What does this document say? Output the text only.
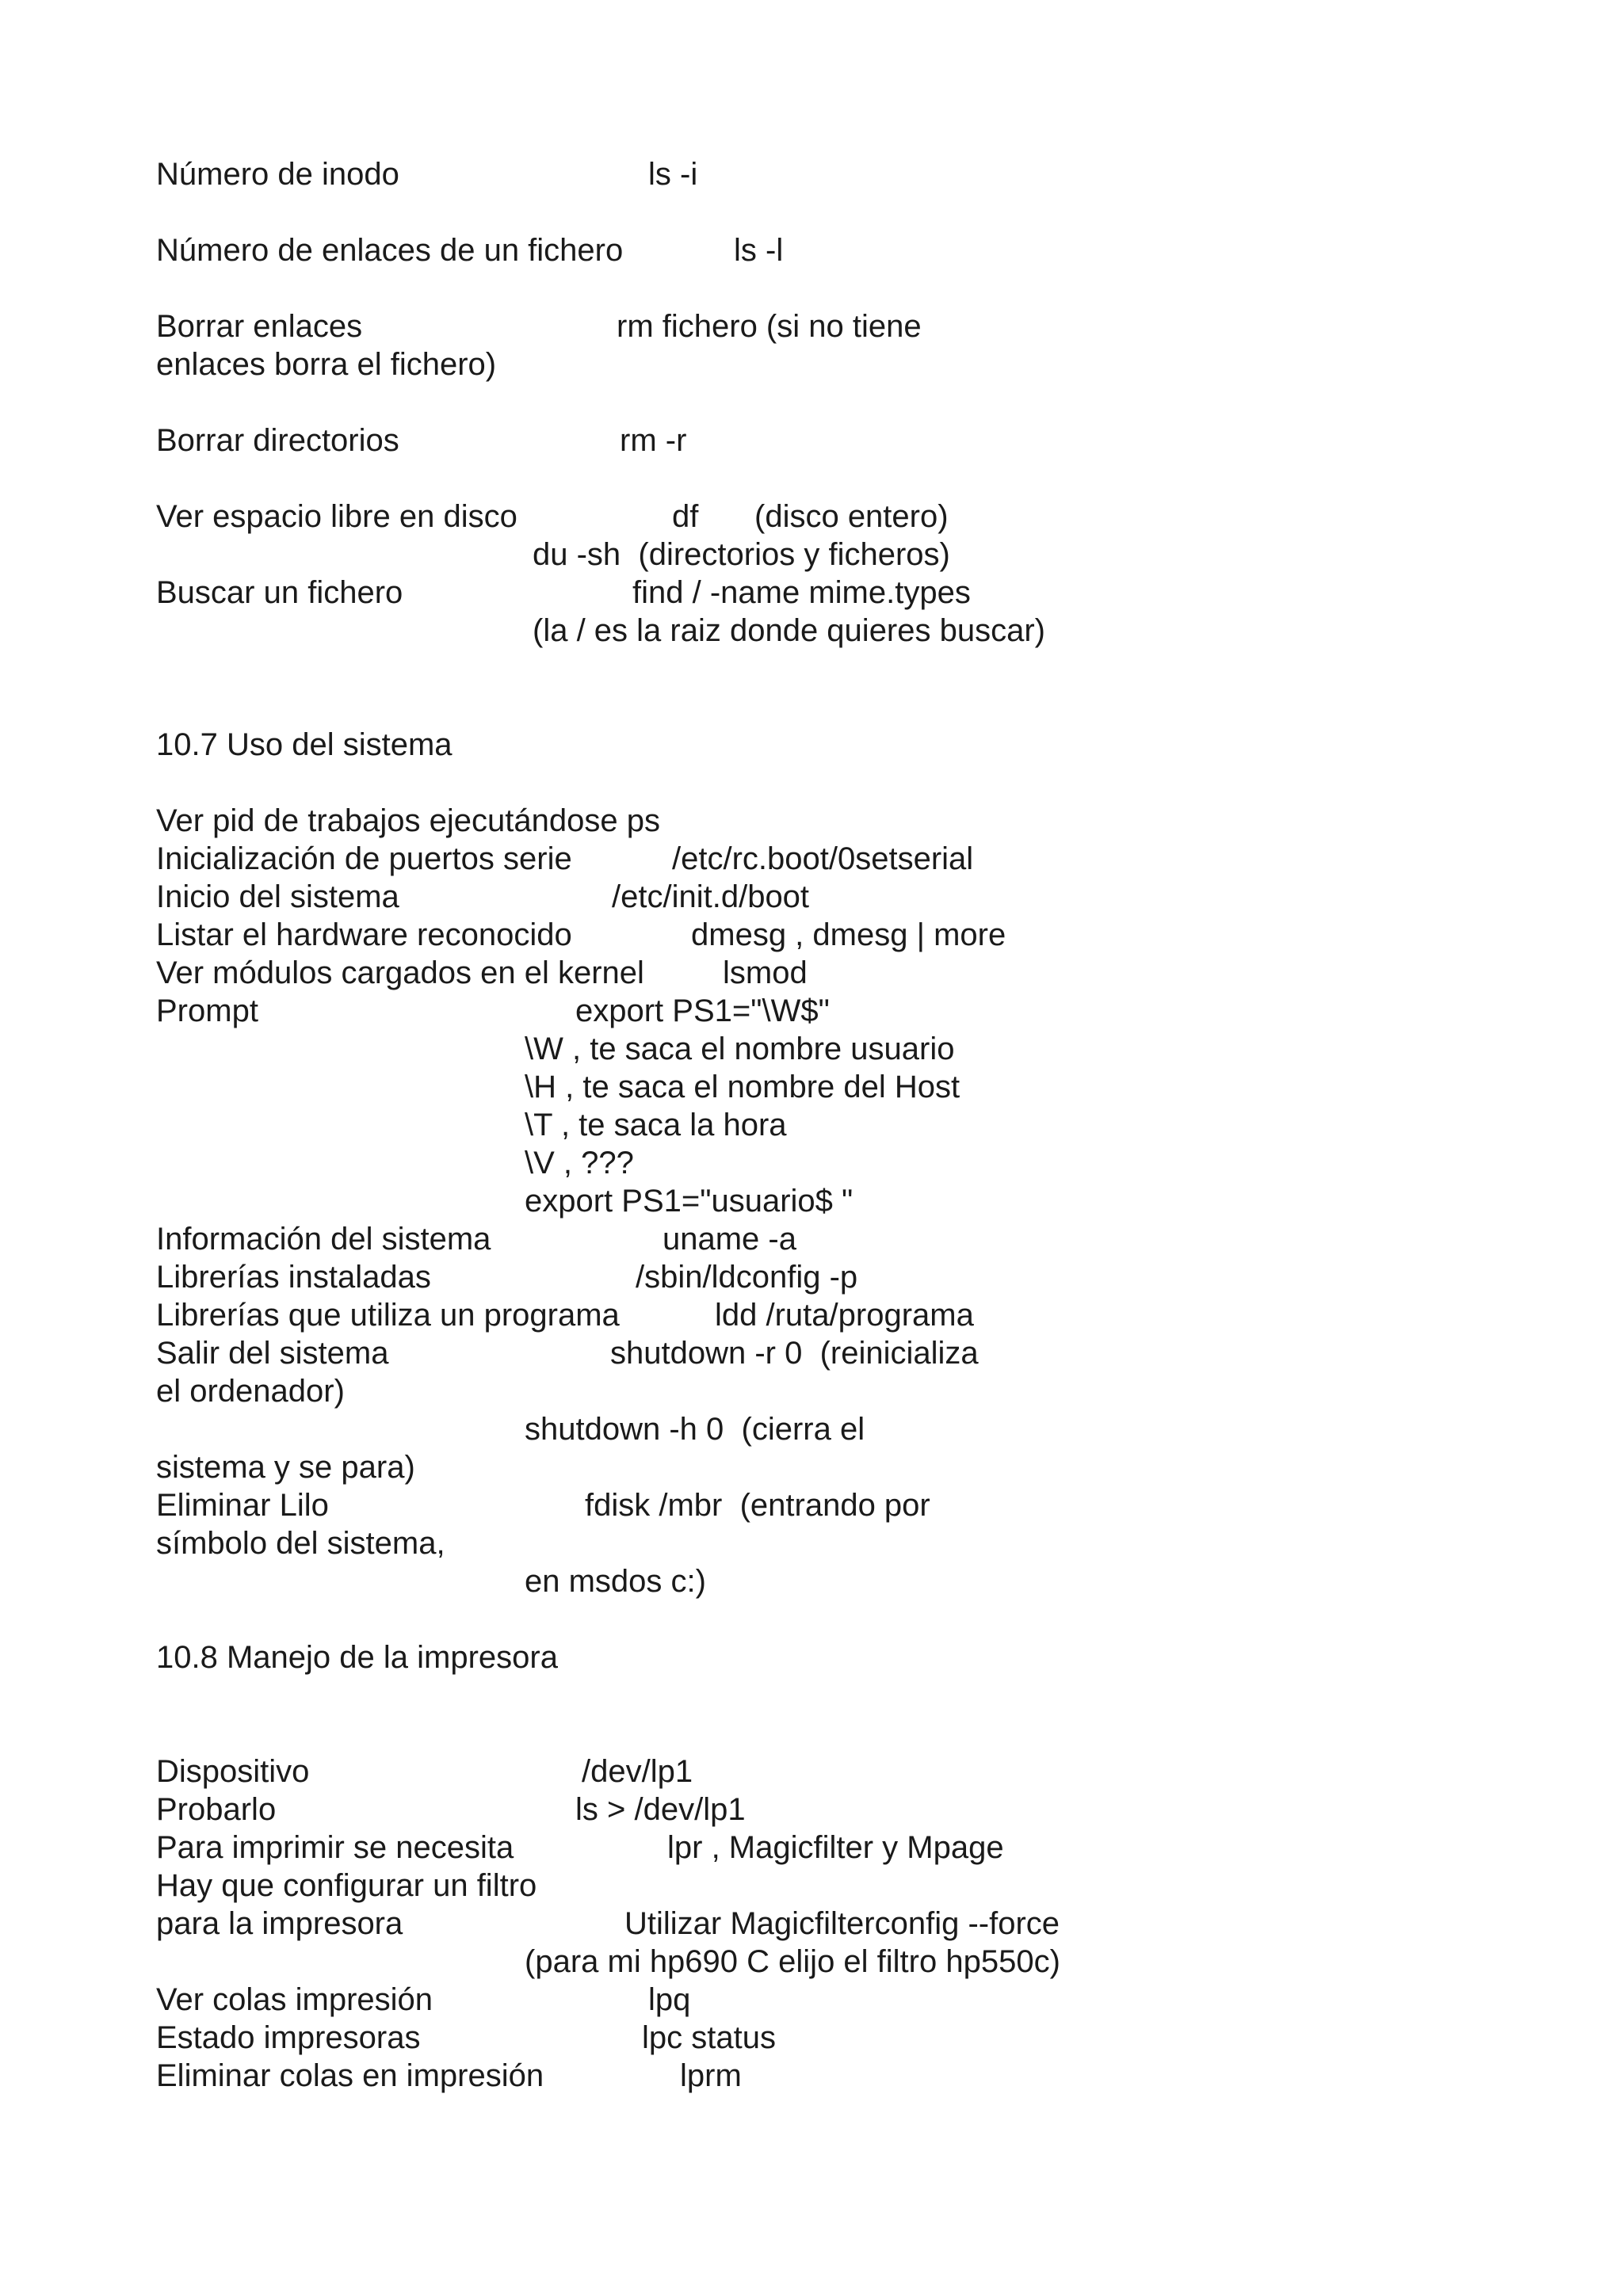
Número de inodo	ls -i
Número de enlaces de un fichero	ls -l
Borrar enlaces	rm fichero (si no tiene
enlaces borra el fichero)
Borrar directorios	rm -r
Ver espacio libre en disco	df (disco entero)
du -sh  (directorios y ficheros)
Buscar un fichero	find / -name mime.types
(la / es la raiz donde quieres buscar)
10.7 Uso del sistema
Ver pid de trabajos ejecutándose ps
Inicialización de puertos serie	/etc/rc.boot/0setserial
Inicio del sistema	/etc/init.d/boot
Listar el hardware reconocido	dmesg , dmesg | more
Ver módulos cargados en el kernel lsmod
Prompt	export PS1="\W$"
\W , te saca el nombre usuario
\H , te saca el nombre del Host
\T , te saca la hora
\V , ???
export PS1="usuario$ "
Información del sistema	uname -a
Librerías instaladas	/sbin/ldconfig -p
Librerías que utiliza un programa	ldd /ruta/programa
Salir del sistema	shutdown -r 0  (reinicializa
el ordenador)
shutdown -h 0  (cierra el
sistema y se para)
Eliminar Lilo	fdisk /mbr  (entrando por
símbolo del sistema,
en msdos c:)
10.8 Manejo de la impresora
Dispositivo	/dev/lp1
Probarlo	ls > /dev/lp1
Para imprimir se necesita	lpr , Magicfilter y Mpage
Hay que configurar un filtro
para la impresora	Utilizar Magicfilterconfig --force
(para mi hp690 C elijo el filtro hp550c)
Ver colas impresión	lpq
Estado impresoras	lpc status
Eliminar colas en impresión	lprm
